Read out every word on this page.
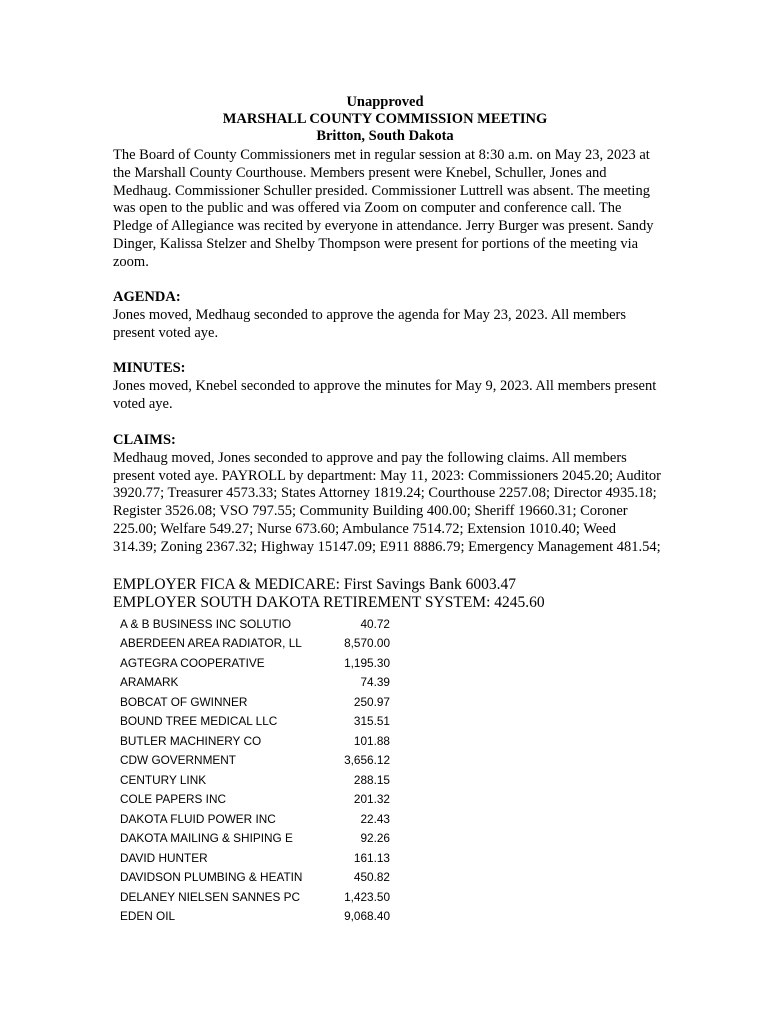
Unapproved
MARSHALL COUNTY COMMISSION MEETING
Britton, South Dakota

The Board of County Commissioners met in regular session at 8:30 a.m. on May 23, 2023 at the Marshall County Courthouse. Members present were Knebel, Schuller, Jones and Medhaug. Commissioner Schuller presided. Commissioner Luttrell was absent. The meeting was open to the public and was offered via Zoom on computer and conference call. The Pledge of Allegiance was recited by everyone in attendance. Jerry Burger was present. Sandy Dinger, Kalissa Stelzer and Shelby Thompson were present for portions of the meeting via zoom.

AGENDA:
Jones moved, Medhaug seconded to approve the agenda for May 23, 2023. All members present voted aye.
MINUTES:
Jones moved, Knebel seconded to approve the minutes for May 9, 2023. All members present voted aye.
CLAIMS:
Medhaug moved, Jones seconded to approve and pay the following claims. All members present voted aye. PAYROLL by department: May 11, 2023: Commissioners 2045.20; Auditor 3920.77; Treasurer 4573.33; States Attorney 1819.24; Courthouse 2257.08; Director 4935.18; Register 3526.08; VSO 797.55; Community Building 400.00; Sheriff 19660.31; Coroner 225.00; Welfare 549.27; Nurse 673.60; Ambulance 7514.72; Extension 1010.40; Weed 314.39; Zoning 2367.32; Highway 15147.09; E911 8886.79; Emergency Management 481.54;
EMPLOYER FICA & MEDICARE: First Savings Bank 6003.47
EMPLOYER SOUTH DAKOTA RETIREMENT SYSTEM: 4245.60
A & B BUSINESS INC SOLUTIO	40.72
ABERDEEN AREA RADIATOR, LL	8,570.00
AGTEGRA COOPERATIVE	1,195.30
ARAMARK	74.39
BOBCAT OF GWINNER	250.97
BOUND TREE MEDICAL LLC	315.51
BUTLER MACHINERY CO	101.88
CDW GOVERNMENT	3,656.12
CENTURY LINK	288.15
COLE PAPERS INC	201.32
DAKOTA FLUID POWER INC	22.43
DAKOTA MAILING & SHIPING E	92.26
DAVID HUNTER	161.13
DAVIDSON PLUMBING & HEATIN	450.82
DELANEY NIELSEN SANNES PC	1,423.50
EDEN OIL	9,068.40
